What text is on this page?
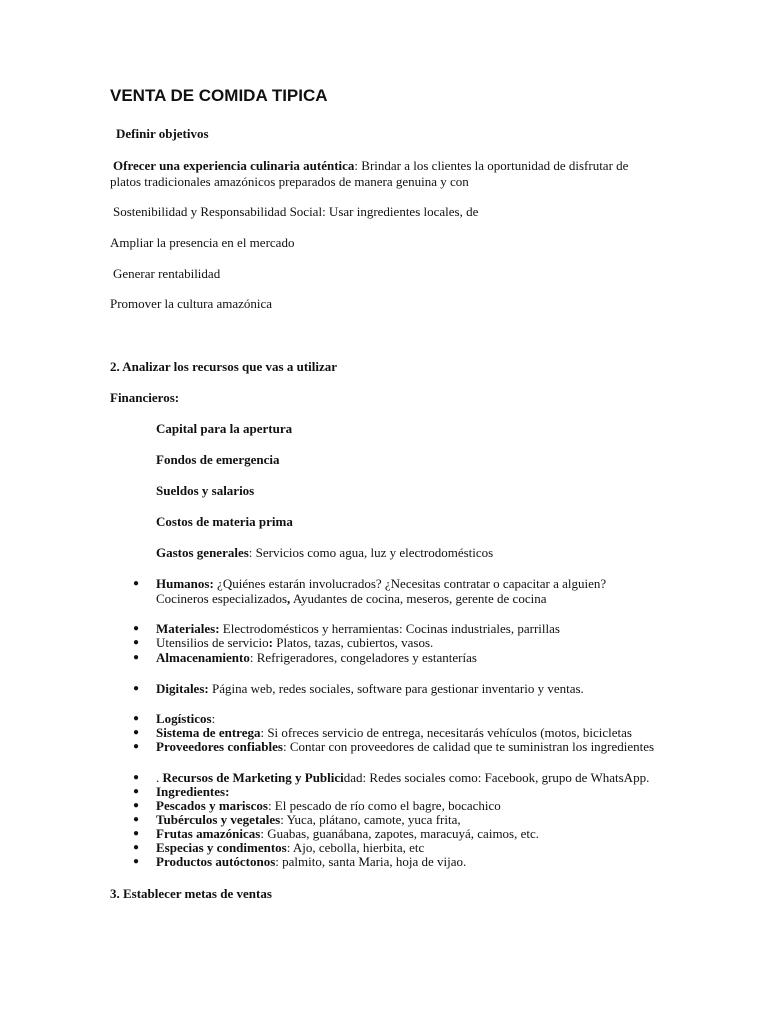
VENTA DE COMIDA TIPICA
Definir objetivos
Ofrecer una experiencia culinaria auténtica: Brindar a los clientes la oportunidad de disfrutar de
platos tradicionales amazónicos preparados de manera genuina y con
Sostenibilidad y Responsabilidad Social: Usar ingredientes locales, de
Ampliar la presencia en el mercado
Generar rentabilidad
Promover la cultura amazónica
2. Analizar los recursos que vas a utilizar
Financieros:
Capital para la apertura
Fondos de emergencia
Sueldos y salarios
Costos de materia prima
Gastos generales: Servicios como agua, luz y electrodomésticos
● Humanos: ¿Quiénes estarán involucrados? ¿Necesitas contratar o capacitar a alguien?
Cocineros especializados, Ayudantes de cocina, meseros, gerente de cocina
● Materiales: Electrodomésticos y herramientas: Cocinas industriales, parrillas
● Utensilios de servicio: Platos, tazas, cubiertos, vasos.
● Almacenamiento: Refrigeradores, congeladores y estanterías
● Digitales: Página web, redes sociales, software para gestionar inventario y ventas.
● Logísticos:
● Sistema de entrega: Si ofreces servicio de entrega, necesitarás vehículos (motos, bicicletas
● Proveedores confiables: Contar con proveedores de calidad que te suministran los ingredientes
● . Recursos de Marketing y Publicidad: Redes sociales como: Facebook, grupo de WhatsApp.
● Ingredientes:
● Pescados y mariscos: El pescado de río como el bagre, bocachico
● Tubérculos y vegetales: Yuca, plátano, camote, yuca frita,
● Frutas amazónicas: Guabas, guanábana, zapotes, maracuyá, caimos, etc.
● Especias y condimentos: Ajo, cebolla, hierbita, etc
● Productos autóctonos: palmito, santa Maria, hoja de vijao.
3. Establecer metas de ventas
